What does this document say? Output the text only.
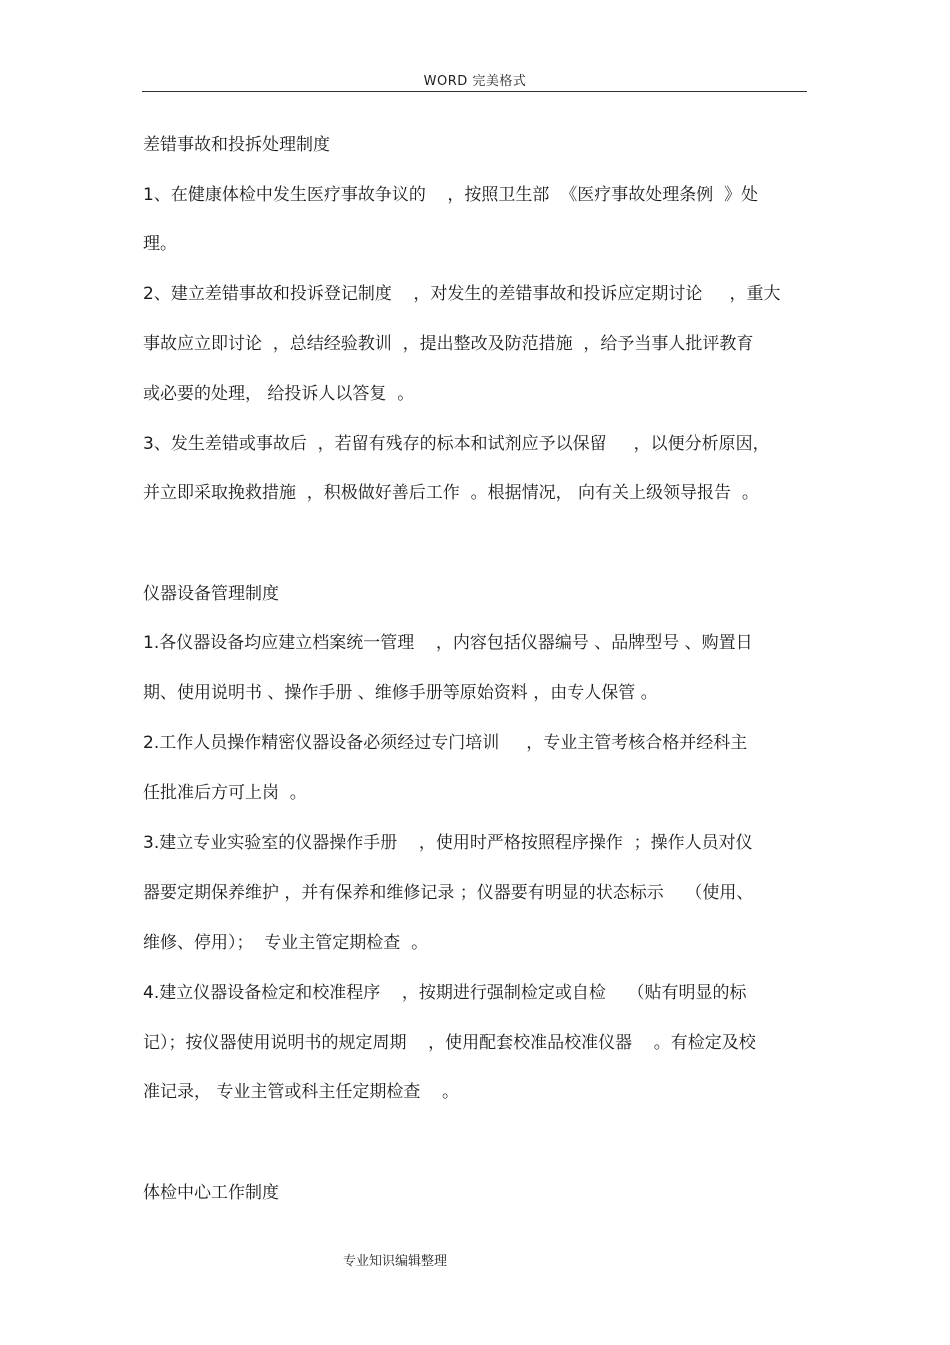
WORD 完美格式
差错事故和投拆处理制度
1、在健康体检中发生医疗事故争议的    ，按照卫生部  《医疗事故处理条例  》处
理。
2、建立差错事故和投诉登记制度    ，对发生的差错事故和投诉应定期讨论     ，重大
事故应立即讨论  ，总结经验教训  ，提出整改及防范措施  ，给予当事人批评教育
或必要的处理， 给投诉人以答复  。
3、发生差错或事故后  ，若留有残存的标本和试剂应予以保留     ，以便分析原因，
并立即采取挽救措施  ，积极做好善后工作  。根据情况， 向有关上级领导报告  。
仪器设备管理制度
1.各仪器设备均应建立档案统一管理    ，内容包括仪器编号 、品牌型号 、购置日
期、使用说明书 、操作手册 、维修手册等原始资料 ，由专人保管 。
2.工作人员操作精密仪器设备必须经过专门培训     ，专业主管考核合格并经科主
任批准后方可上岗  。
3.建立专业实验室的仪器操作手册    ，使用时严格按照程序操作  ；操作人员对仪
器要定期保养维护 ，并有保养和维修记录 ；仪器要有明显的状态标示    （使用、
维修、停用）；  专业主管定期检查  。
4.建立仪器设备检定和校准程序    ，按期进行强制检定或自检    （贴有明显的标
记）；按仪器使用说明书的规定周期    ，使用配套校准品校准仪器    。有检定及校
准记录， 专业主管或科主任定期检查    。
体检中心工作制度
专业知识编辑整理
